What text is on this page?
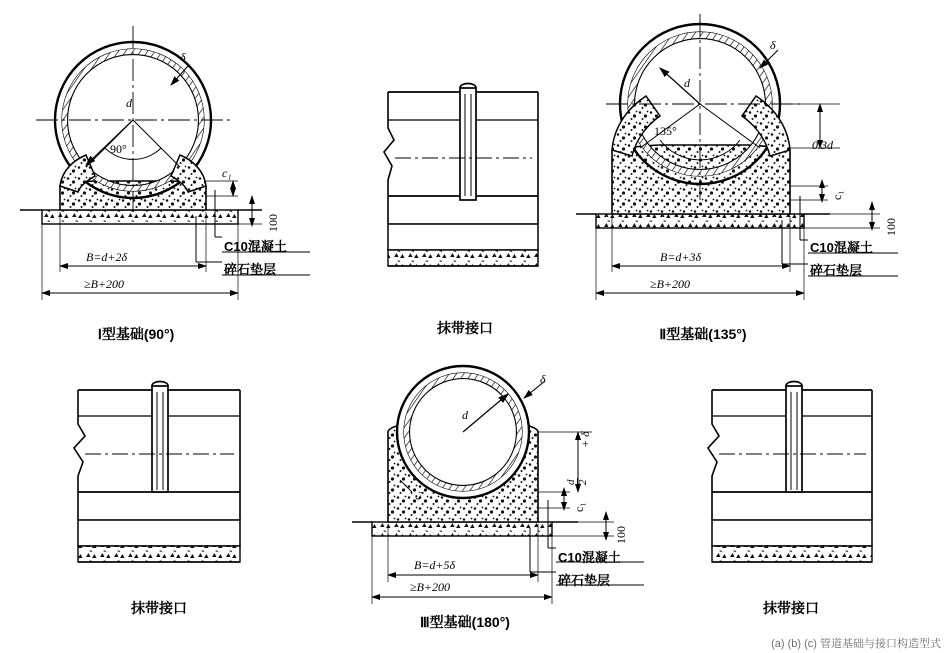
δ
d
90°
c₁
100
B=d+2δ
≥B+200
C10混凝土
碎石垫层
Ⅰ型基础(90°)	抹带接口
δ
d
135°
0.3d
c₁
100
B=d+3δ
≥B+200
C10混凝土
碎石垫层
Ⅱ型基础(135°)
抹带接口
δ
d
c₁
c₁
100
d 2
+ δ
B=d+5δ
≥B+200
C10混凝土
碎石垫层
Ⅲ型基础(180°)
抹带接口
(a) (b) (c) 管道基础与接口构造型式
